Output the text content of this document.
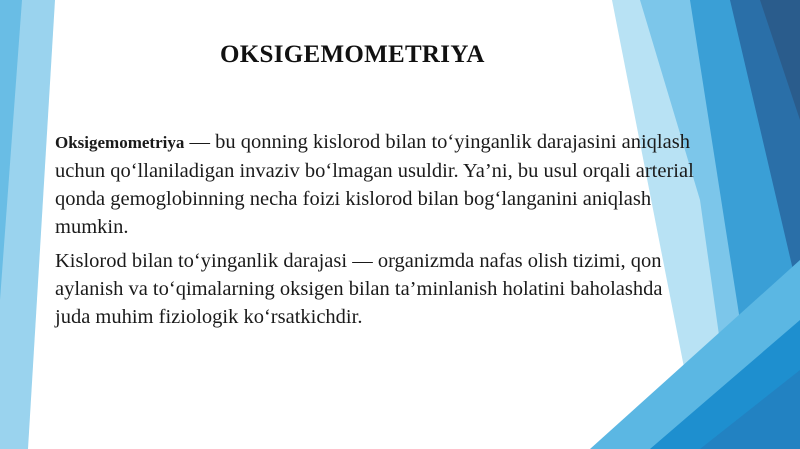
OKSIGEMOMETRIYA

Oksigemometriya — bu qonning kislorod bilan to‘yinganlik darajasini aniqlash uchun qo‘llaniladigan invaziv bo‘lmagan usuldir. Ya’ni, bu usul orqali arterial qonda gemoglobinning necha foizi kislorod bilan bog‘langanini aniqlash mumkin.

Kislorod bilan to‘yinganlik darajasi — organizmda nafas olish tizimi, qon aylanish va to‘qimalarning oksigen bilan ta’minlanish holatini baholashda juda muhim fiziologik ko‘rsatkichdir.
